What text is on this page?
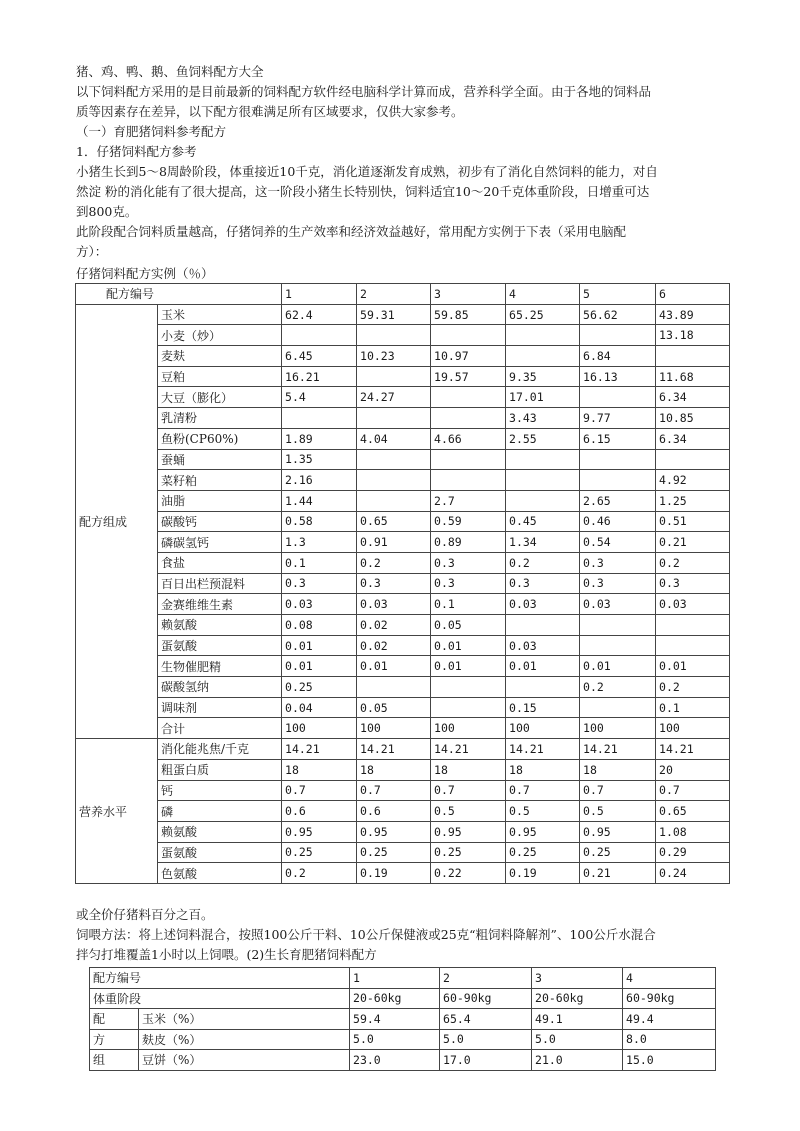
猪、鸡、鸭、鹅、鱼饲料配方大全

以下饲料配方采用的是目前最新的饲料配方软件经电脑科学计算而成，营养科学全面。由于各地的饲料品

质等因素存在差异，以下配方很难满足所有区域要求，仅供大家参考。

（一）育肥猪饲料参考配方

1．仔猪饲料配方参考

小猪生长到5～8周龄阶段，体重接近10千克，消化道逐渐发育成熟，初步有了消化自然饲料的能力，对自

然淀 粉的消化能有了很大提高，这一阶段小猪生长特别快，饲料适宜10～20千克体重阶段，日增重可达

到800克。

此阶段配合饲料质量越高，仔猪饲养的生产效率和经济效益越好，常用配方实例于下表（采用电脑配

方）：

仔猪饲料配方实例（％）
配方编号		1	2	3	4	5	6
配方组成	玉米	62.4	59.31	59.85	65.25	56.62	43.89
	小麦（炒）						13.18
	麦麸	6.45	10.23	10.97		6.84	
	豆粕	16.21		19.57	9.35	16.13	11.68
	大豆（膨化）	5.4	24.27		17.01		6.34
	乳清粉				3.43	9.77	10.85
	鱼粉(CP60%)	1.89	4.04	4.66	2.55	6.15	6.34
	蚕蛹	1.35					
	菜籽粕	2.16					4.92
	油脂	1.44		2.7		2.65	1.25
	碳酸钙	0.58	0.65	0.59	0.45	0.46	0.51
	磷碳氢钙	1.3	0.91	0.89	1.34	0.54	0.21
	食盐	0.1	0.2	0.3	0.2	0.3	0.2
	百日出栏预混料	0.3	0.3	0.3	0.3	0.3	0.3
	金赛维维生素	0.03	0.03	0.1	0.03	0.03	0.03
	赖氨酸	0.08	0.02	0.05			
	蛋氨酸	0.01	0.02	0.01	0.03		
	生物催肥精	0.01	0.01	0.01	0.01	0.01	0.01
	碳酸氢纳	0.25				0.2	0.2
	调味剂	0.04	0.05		0.15		0.1
	合计	100	100	100	100	100	100
营养水平	消化能兆焦/千克	14.21	14.21	14.21	14.21	14.21	14.21
	粗蛋白质	18	18	18	18	18	20
	钙	0.7	0.7	0.7	0.7	0.7	0.7
	磷	0.6	0.6	0.5	0.5	0.5	0.65
	赖氨酸	0.95	0.95	0.95	0.95	0.95	1.08
	蛋氨酸	0.25	0.25	0.25	0.25	0.25	0.29
	色氨酸	0.2	0.19	0.22	0.19	0.21	0.24

或全价仔猪料百分之百。

饲喂方法：将上述饲料混合，按照100公斤干料、10公斤保健液或25克“粗饲料降解剂”、100公斤水混合

拌匀打堆覆盖1小时以上饲喂。(2)生长育肥猪饲料配方

配方编号		1	2	3	4
体重阶段		20-60kg	60-90kg	20-60kg	60-90kg
配	玉米（%）	59.4	65.4	49.1	49.4
方	麸皮（%）	5.0	5.0	5.0	8.0
组	豆饼（%）	23.0	17.0	21.0	15.0
